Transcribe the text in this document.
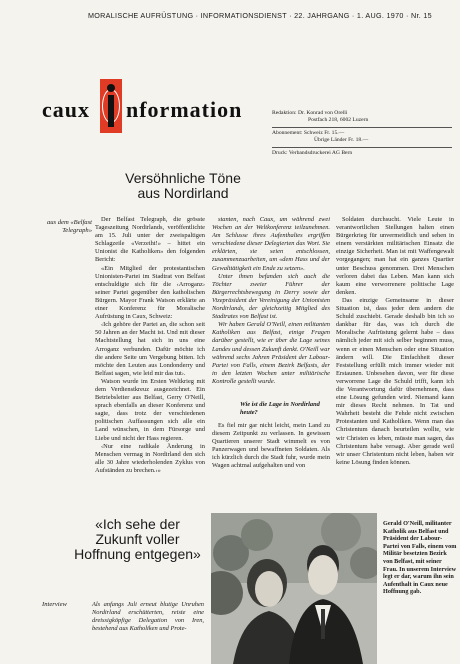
MORALISCHE AUFRÜSTUNG · INFORMATIONSDIENST · 22. JAHRGANG · 1. AUG. 1970 · Nr. 15
caux nformation	Redaktion: Dr. Konrad von Orelli
Postfach 218, 6002 Luzern
Abonnement: Schweiz Fr. 15.—
Übrige Länder Fr. 18.—
Druck: Verbandsdruckerei AG Bern
Versöhnliche Töne aus Nordirland
aus dem «Belfast Telegraph»

Der Belfast Telegraph, die grösste Tageszeitung Nordirlands, veröffentlichte am 15. Juli unter der zweispaltigen Schlagzeile «Verzeiht!» – hittet ein Unionist die Katholiken» den folgenden Bericht:

«Ein Mitglied der protestantischen Unionisten-Partei im Stadtrat von Belfast entschuldigte sich für die ‹Arroganz› seiner Partei gegenüber den katholischen Bürgern. Mayor Frank Watson erklärte an einer Konferenz für Moralische Aufrüstung in Caux, Schweiz:

‹Ich gehöre der Partei an, die schon seit 50 Jahren an der Macht ist. Und mit dieser Machtstellung hat sich in uns eine Arroganz verbunden. Dafür möchte ich die andere Seite um Vergebung bitten. Ich möchte den Leuten aus Londonderry und Belfast sagen, wie leid mir das tut›.

Watson wurde im Ersten Weltkrieg mit dem Verdienstkreuz ausgezeichnet. Ein Betriebsleiter aus Belfast, Gerry O'Neill, sprach ebenfalls an dieser Konferenz und sagte, dass trotz der verschiedenen politischen Auffassungen sich alle ein Land wünschen, in dem Fürsorge und Liebe und nicht der Hass regieren.

‹Nur eine radikale Änderung in Menschen vermag in Nordirland den sich alle 30 Jahre wiederholenden Zyklus von Aufständen zu brechen.›»

stanten, nach Caux, um während zwei Wochen an der Weltkonferenz teilzunehmen. Am Schlusse ihres Aufenthaltes ergriffen verschiedene dieser Delegierten das Wort. Sie erklärten, sie seien entschlossen, zusammenzuarbeiten, um «dem Hass und der Gewalttätigkeit ein Ende zu setzen».

Unter ihnen befanden sich auch die Töchter zweier Führer der Bürgerrechtsbewegung in Derry sowie der Vizepräsident der Vereinigung der Unionisten Nordirlands, der gleichzeitig Mitglied des Stadtrates von Belfast ist.

Wir haben Gerald O'Neill, einen militanten Katholiken aus Belfast, einige Fragen darüber gestellt, wie er über die Lage seines Landes und dessen Zukunft denkt. O'Neill war während sechs Jahren Präsident der Labour-Partei von Falls, einem Bezirk Belfasts, der in den letzten Wochen unter militärische Kontrolle gestellt wurde.

Wie ist die Lage in Nordirland heute?

Es fiel mir gar nicht leicht, mein Land zu diesem Zeitpunkt zu verlassen. In gewissen Quartieren unserer Stadt wimmelt es von Panzerwagen und bewaffneten Soldaten. Als ich kürzlich durch die Stadt fuhr, wurde mein Wagen achtmal aufgehalten und von

Soldaten durchsucht. Viele Leute in verantwortlichen Stellungen halten einen Bürgerkrieg für unvermeidlich und sehen in einem verstärkten militärischen Einsatz die einzige Sicherheit. Man ist mit Waffengewalt vorgegangen; man hat ein ganzes Quartier unter Beschuss genommen. Drei Menschen verloren dabei das Leben. Man kann sich kaum eine verworrenere politische Lage denken.

Das einzige Gemeinsame in dieser Situation ist, dass jeder dem andern die Schuld zuschiebt. Gerade deshalb bin ich so dankbar für das, was ich durch die Moralische Aufrüstung gelernt habe – dass nämlich jeder mit sich selber beginnen muss, wenn er einen Menschen oder eine Situation ändern will. Die Einfachheit dieser Feststellung erfüllt mich immer wieder mit Erstaunen. Unbesehen davon, wer für diese verworrene Lage die Schuld trifft, kann ich die Verantwortung dafür übernehmen, dass eine Lösung gefunden wird. Niemand kann mir dieses Recht nehmen. In Tat und Wahrheit besteht die Fehde nicht zwischen Protestanten und Katholiken. Wenn man das Christentum danach beurteilen wollte, wie wir Christen es leben, müsste man sagen, das Christentum habe versagt. Aber gerade weil wir unser Christentum nicht leben, haben wir keine Lösung finden können.

«Ich sehe der Zukunft voller Hoffnung entgegen»
Interview	Als anfangs Juli erneut blutige Unruhen Nordirland erschütterten, reiste eine dreissigköpfige Delegation von Iren, bestehend aus Katholiken und Prote-
Gerald O'Neill, militanter Katholik aus Belfast und Präsident der Labour-Partei von Falls, einem vom Militär besetzten Bezirk von Belfast, mit seiner Frau. In unserem Interview legt er dar, warum ihn sein Aufenthalt in Caux neue Hoffnung gab.
